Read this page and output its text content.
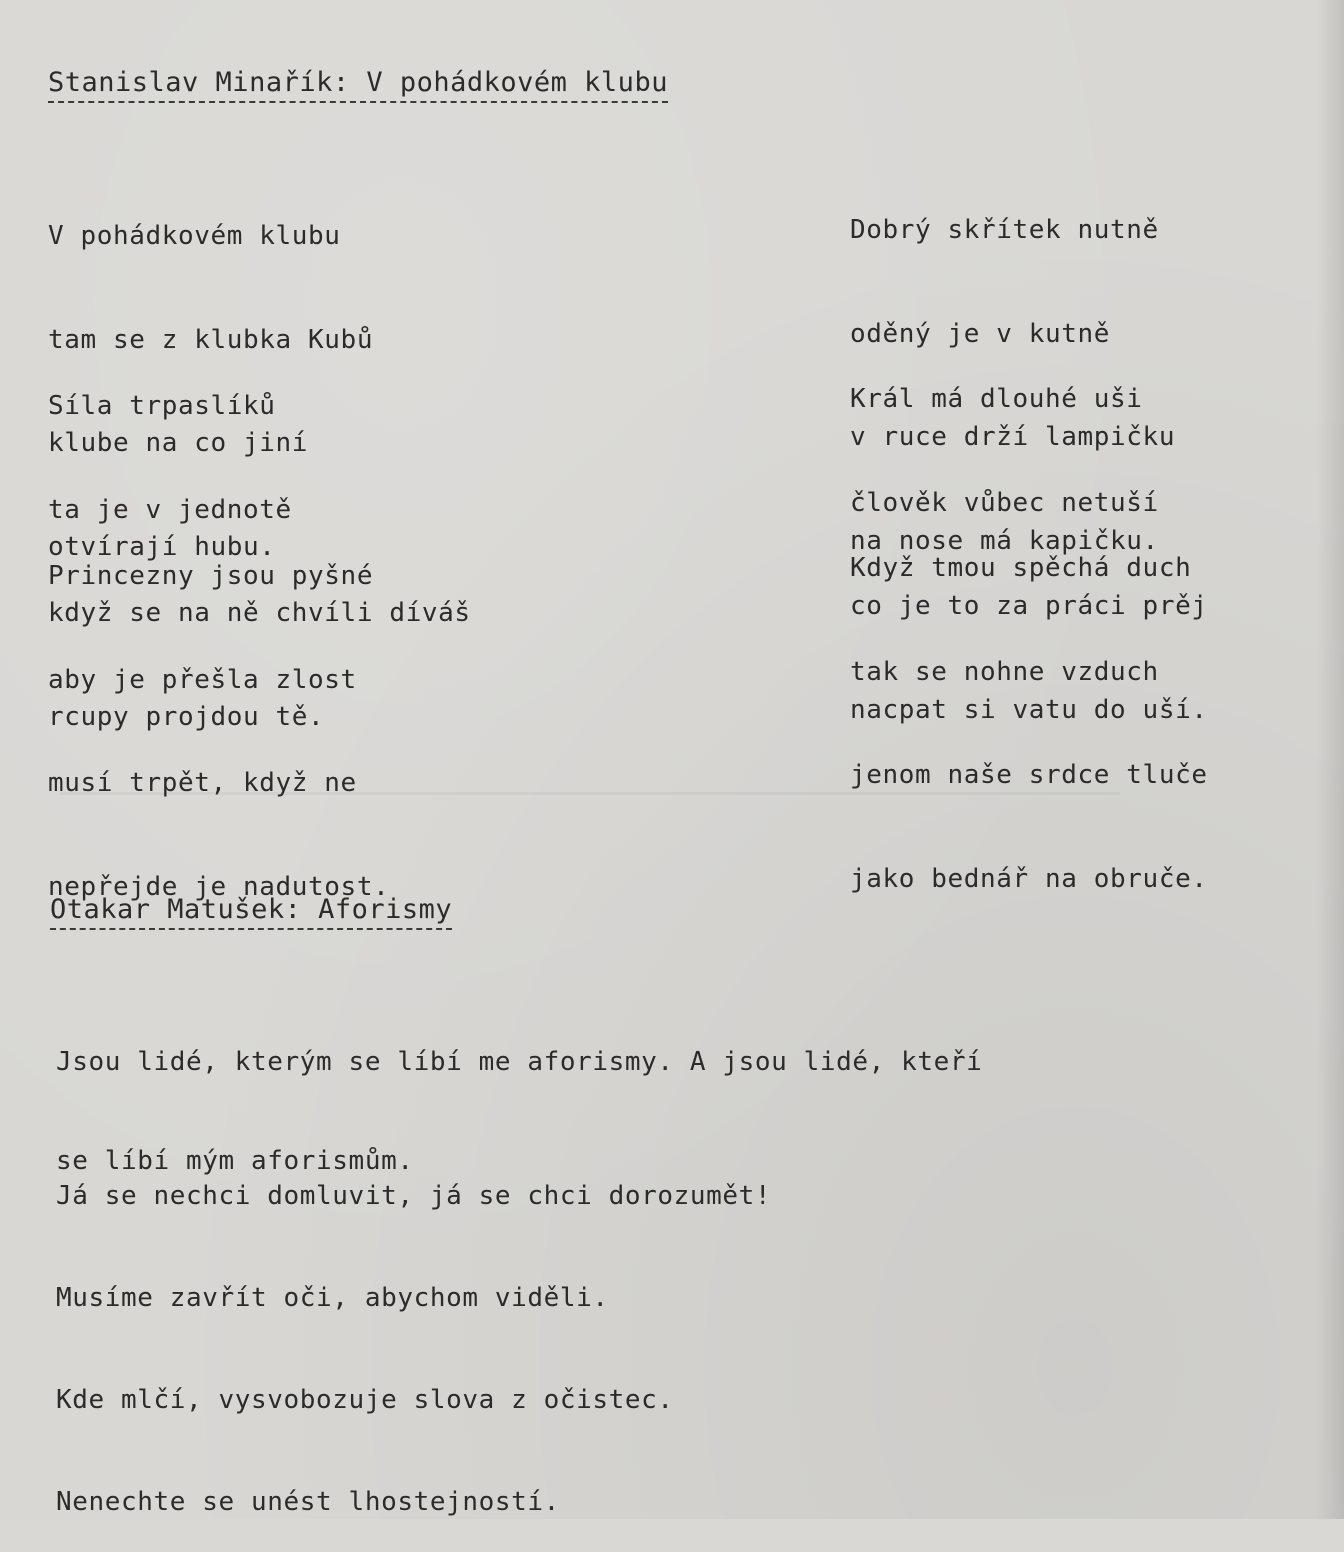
Stanislav Minařík: V pohádkovém klubu

V pohádkovém klubu

tam se z klubka Kubů

klube na co jiní

otvírají hubu.

Síla trpaslíků

ta je v jednotě

když se na ně chvíli díváš

rcupy projdou tě.

Princezny jsou pyšné

aby je přešla zlost

musí trpět, když ne

nepřejde je nadutost.

Dobrý skřítek nutně

oděný je v kutně

v ruce drží lampičku

na nose má kapičku.

Král má dlouhé uši

člověk vůbec netuší

co je to za práci prěj

nacpat si vatu do uší.

Když tmou spěchá duch

tak se nohne vzduch

jenom naše srdce tluče

jako bednář na obruče.

Otakar Matušek: Aforismy

Jsou lidé, kterým se líbí me aforismy. A jsou lidé, kteří

se líbí mým aforismům.

Já se nechci domluvit, já se chci dorozumět!

Musíme zavřít oči, abychom viděli.

Kde mlčí, vysvobozuje slova z očistec.

Nenechte se unést lhostejností.
